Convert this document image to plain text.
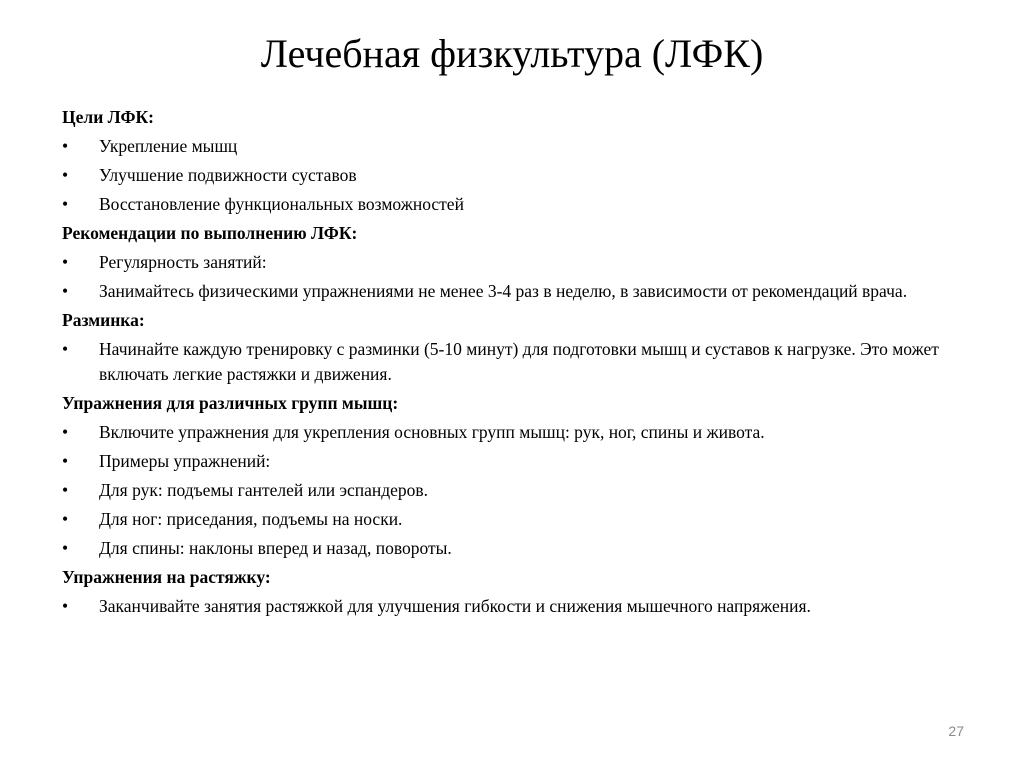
Лечебная физкультура (ЛФК)
Цели ЛФК:
•	Укрепление мышц
•	Улучшение подвижности суставов
•	Восстановление функциональных возможностей
Рекомендации по выполнению ЛФК:
•	Регулярность занятий:
•	Занимайтесь физическими упражнениями не менее 3-4 раз в неделю, в зависимости от рекомендаций врача.
Разминка:
•	Начинайте каждую тренировку с разминки (5-10 минут) для подготовки мышц и суставов к нагрузке. Это может включать легкие растяжки и движения.
Упражнения для различных групп мышц:
•	Включите упражнения для укрепления основных групп мышц: рук, ног, спины и живота.
•	Примеры упражнений:
•	Для рук: подъемы гантелей или эспандеров.
•	Для ног: приседания, подъемы на носки.
•	Для спины: наклоны вперед и назад, повороты.
Упражнения на растяжку:
•	Заканчивайте занятия растяжкой для улучшения гибкости и снижения мышечного напряжения.
27
